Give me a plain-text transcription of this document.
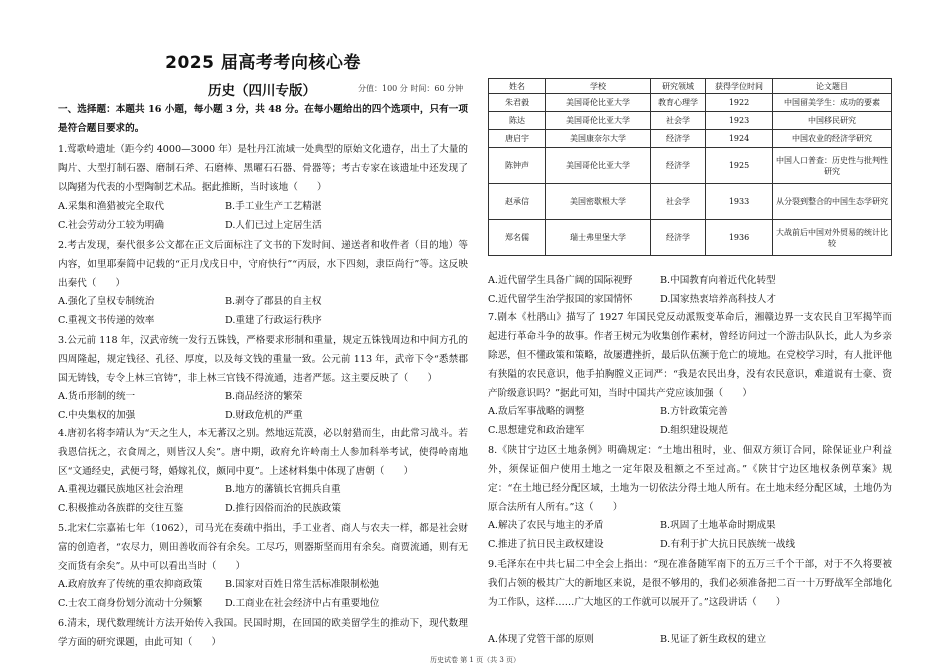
2025 届高考考向核心卷
历史（四川专版）	分值：100 分 时间：60 分钟
一、选择题：本题共 16 小题，每小题 3 分，共 48 分。在每小题给出的四个选项中，只有一项是符合题目要求的。
1.莺歌岭遗址（距今约 4000—3000 年）是牡丹江流域一处典型的原始文化遗存，出土了大量的陶片、大型打制石器、磨制石斧、石磨棒、黑曜石石器、骨器等；考古专家在该遗址中还发现了以陶猪为代表的小型陶制艺术品。据此推断，当时该地（　　）
A.采集和渔猎被完全取代	B.手工业生产工艺精湛
C.社会劳动分工较为明确	D.人们已过上定居生活
2.考古发现，秦代很多公文都在正文后面标注了文书的下发时间、递送者和收件者（目的地）等内容，如里耶秦简中记载的“正月戊戌日中，守府快行”“丙辰，水下四刻，隶臣尚行”等。这反映出秦代（　　）
A.强化了皇权专制统治	B.剥夺了郡县的自主权
C.重视文书传递的效率	D.重建了行政运行秩序
3.公元前 118 年，汉武帝统一发行五铢钱，严格要求形制和重量，规定五铢钱周边和中间方孔的四周隆起，规定钱径、孔径、厚度，以及每文钱的重量一致。公元前 113 年，武帝下令“悉禁郡国无铸钱，专令上林三官铸”，非上林三官钱不得流通，违者严惩。这主要反映了（　　）
A.货币形制的统一	B.商品经济的繁荣
C.中央集权的加强	D.财政危机的严重
4.唐初名将李靖认为“天之生人，本无蕃汉之别。然地远荒漠，必以射猎而生，由此常习战斗。若我恩信抚之，衣食周之，则皆汉人矣”。唐中期，政府允许岭南土人参加科举考试，使得岭南地区“文通经史，武便弓弩，婚嫁礼仪，颇同中夏”。上述材料集中体现了唐朝（　　）
A.重视边疆民族地区社会治理	B.地方的藩镇长官拥兵自重
C.积极推动各族群的交往互鉴	D.推行因俗而治的民族政策
5.北宋仁宗嘉祐七年（1062），司马光在奏疏中指出，手工业者、商人与农夫一样，都是社会财富的创造者，“农尽力，则田善收而谷有余矣。工尽巧，则器斯坚而用有余矣。商贾流通，则有无交而货有余矣”。从中可以看出当时（　　）
A.政府放弃了传统的重农抑商政策 B.国家对百姓日常生活标准限制松弛
C.士农工商身份划分流动十分频繁 D.工商业在社会经济中占有重要地位
6.清末，现代数理统计方法开始传入我国。民国时期，在回国的欧美留学生的推动下，现代数理学方面的研究课题，由此可知（　　）
姓名	学校	研究领域	获得学位时间	论文题目
朱君毅	美国哥伦比亚大学	教育心理学	1922	中国留美学生：成功的要素
陈达	美国哥伦比亚大学	社会学	1923	中国移民研究
唐启宇	美国康奈尔大学	经济学	1924	中国农业的经济学研究
陈钟声	美国哥伦比亚大学	经济学	1925	中国人口普查：历史性与批判性研究
赵承信	美国密歇根大学	社会学	1933	从分裂到整合的中国生态学研究
郑名儒	瑞士弗里堡大学	经济学	1936	大战前后中国对外贸易的统计比较
A.近代留学生具备广阔的国际视野	B.中国教育向着近代化转型
C.近代留学生治学报国的家国情怀	D.国家热衷培养高科技人才
7.剧本《杜鹃山》描写了 1927 年国民党反动派叛变革命后，湘赣边界一支农民自卫军揭竿而起进行革命斗争的故事。作者王树元为收集创作素材，曾经访问过一个游击队队长，此人为乡亲除恶，但不懂政策和策略，故屡遭挫折，最后队伍濒于危亡的境地。在党校学习时，有人批评他有狭隘的农民意识，他手拍胸膛义正词严：“我是农民出身，没有农民意识，难道说有士豪、资产阶级意识吗？”据此可知，当时中国共产党应该加强（　　）
A.敌后军事战略的调整	B.方针政策完善
C.思想建党和政治建军	D.组织建设规范
8.《陕甘宁边区土地条例》明确规定：“土地出租时，业、佃双方须订合同，除保证业户利益外，须保证佃户使用土地之一定年限及租额之不至过高。”《陕甘宁边区地权条例草案》规定：“在土地已经分配区域，土地为一切依法分得土地人所有。在土地未经分配区域，土地仍为原合法所有人所有。”这（　　）
A.解决了农民与地主的矛盾	B.巩固了土地革命时期成果
C.推进了抗日民主政权建设	D.有利于扩大抗日民族统一战线
9.毛泽东在中共七届二中全会上指出：“现在准备随军南下的五万三千个干部，对于不久将要被我们占领的极其广大的新地区来说，是很不够用的，我们必须准备把二百一十万野战军全部地化为工作队，这样……广大地区的工作就可以展开了。”这段讲话（　　）
A.体现了党管干部的原则	B.见证了新生政权的建立
历史试卷 第 1 页（共 3 页）
